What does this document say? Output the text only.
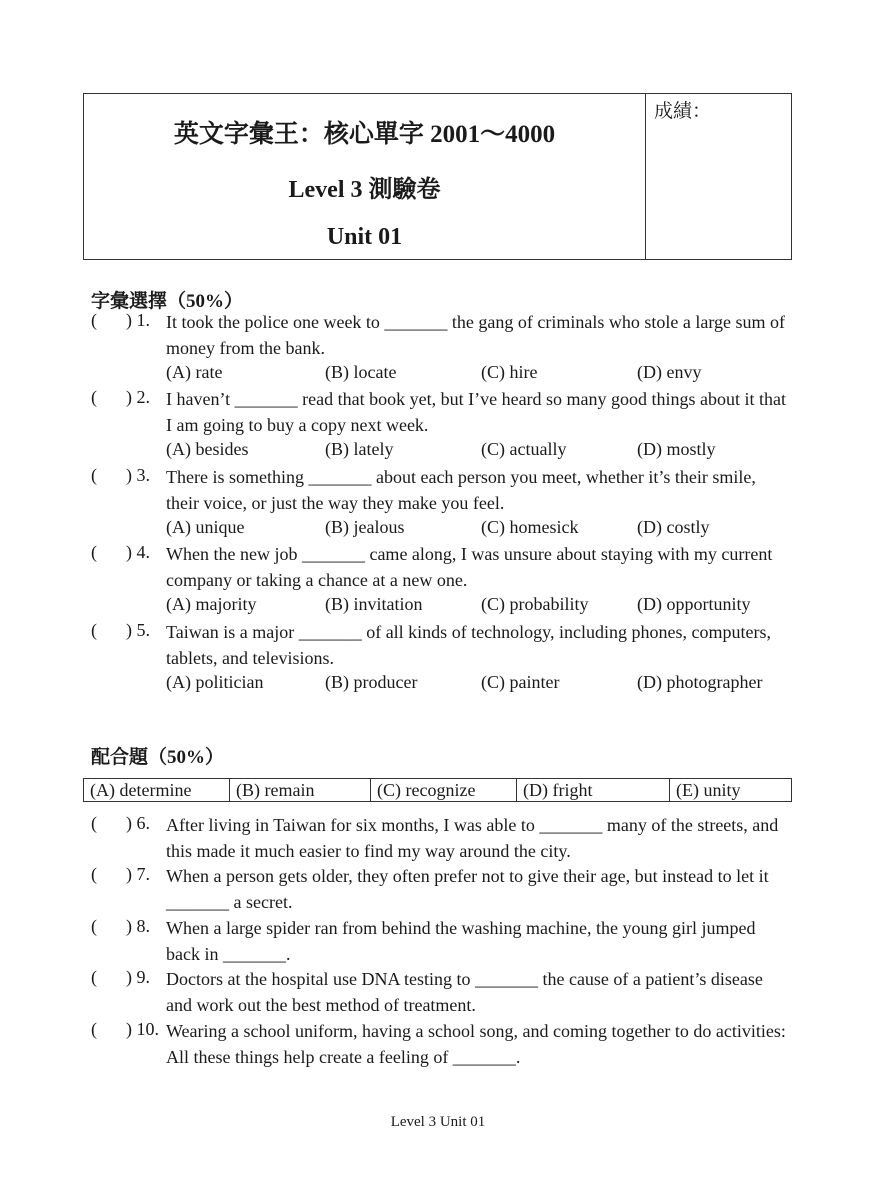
英文字彙王：核心單字 2001～4000
Level 3 測驗卷
Unit 01
成績：
字彙選擇（50%）
( ) 1. It took the police one week to _______ the gang of criminals who stole a large sum of money from the bank.
(A) rate	(B) locate	(C) hire	(D) envy
( ) 2. I haven’t _______ read that book yet, but I’ve heard so many good things about it that I am going to buy a copy next week.
(A) besides	(B) lately	(C) actually	(D) mostly
( ) 3. There is something _______ about each person you meet, whether it’s their smile, their voice, or just the way they make you feel.
(A) unique	(B) jealous	(C) homesick	(D) costly
( ) 4. When the new job _______ came along, I was unsure about staying with my current company or taking a chance at a new one.
(A) majority	(B) invitation	(C) probability	(D) opportunity
( ) 5. Taiwan is a major _______ of all kinds of technology, including phones, computers, tablets, and televisions.
(A) politician	(B) producer	(C) painter	(D) photographer
配合題（50%）
(A) determine	(B) remain	(C) recognize	(D) fright	(E) unity
( ) 6. After living in Taiwan for six months, I was able to _______ many of the streets, and this made it much easier to find my way around the city.
( ) 7. When a person gets older, they often prefer not to give their age, but instead to let it _______ a secret.
( ) 8. When a large spider ran from behind the washing machine, the young girl jumped back in _______.
( ) 9. Doctors at the hospital use DNA testing to _______ the cause of a patient’s disease and work out the best method of treatment.
( ) 10. Wearing a school uniform, having a school song, and coming together to do activities: All these things help create a feeling of _______.
Level 3 Unit 01
